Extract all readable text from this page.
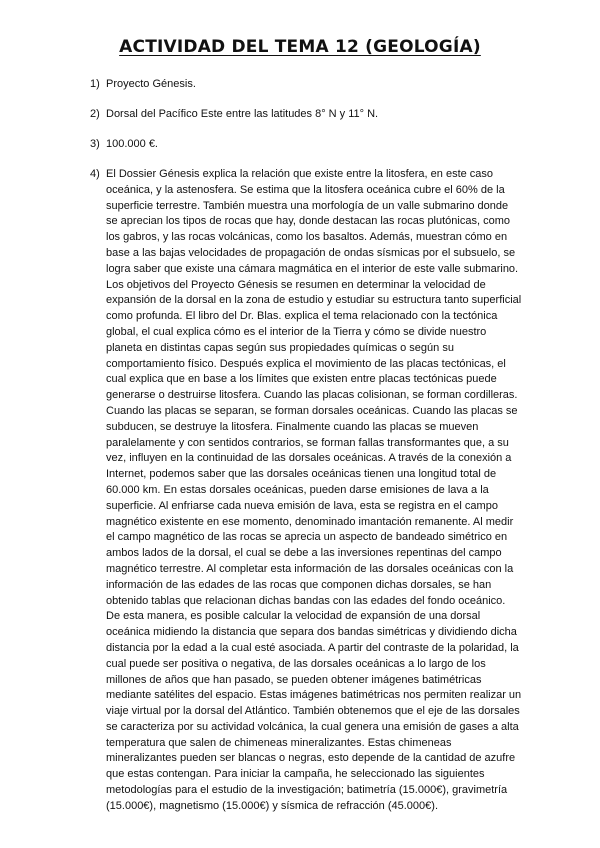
ACTIVIDAD DEL TEMA 12 (GEOLOGÍA)
1) Proyecto Génesis.
2) Dorsal del Pacífico Este entre las latitudes 8° N y 11° N.
3) 100.000 €.
4) El Dossier Génesis explica la relación que existe entre la litosfera, en este caso
oceánica, y la astenosfera. Se estima que la litosfera oceánica cubre el 60% de la
superficie terrestre. También muestra una morfología de un valle submarino donde
se aprecian los tipos de rocas que hay, donde destacan las rocas plutónicas, como
los gabros, y las rocas volcánicas, como los basaltos. Además, muestran cómo en
base a las bajas velocidades de propagación de ondas sísmicas por el subsuelo, se
logra saber que existe una cámara magmática en el interior de este valle submarino.
Los objetivos del Proyecto Génesis se resumen en determinar la velocidad de
expansión de la dorsal en la zona de estudio y estudiar su estructura tanto superficial
como profunda. El libro del Dr. Blas. explica el tema relacionado con la tectónica
global, el cual explica cómo es el interior de la Tierra y cómo se divide nuestro
planeta en distintas capas según sus propiedades químicas o según su
comportamiento físico. Después explica el movimiento de las placas tectónicas, el
cual explica que en base a los límites que existen entre placas tectónicas puede
generarse o destruirse litosfera. Cuando las placas colisionan, se forman cordilleras.
Cuando las placas se separan, se forman dorsales oceánicas. Cuando las placas se
subducen, se destruye la litosfera. Finalmente cuando las placas se mueven
paralelamente y con sentidos contrarios, se forman fallas transformantes que, a su
vez, influyen en la continuidad de las dorsales oceánicas. A través de la conexión a
Internet, podemos saber que las dorsales oceánicas tienen una longitud total de
60.000 km. En estas dorsales oceánicas, pueden darse emisiones de lava a la
superficie. Al enfriarse cada nueva emisión de lava, esta se registra en el campo
magnético existente en ese momento, denominado imantación remanente. Al medir
el campo magnético de las rocas se aprecia un aspecto de bandeado simétrico en
ambos lados de la dorsal, el cual se debe a las inversiones repentinas del campo
magnético terrestre. Al completar esta información de las dorsales oceánicas con la
información de las edades de las rocas que componen dichas dorsales, se han
obtenido tablas que relacionan dichas bandas con las edades del fondo oceánico.
De esta manera, es posible calcular la velocidad de expansión de una dorsal
oceánica midiendo la distancia que separa dos bandas simétricas y dividiendo dicha
distancia por la edad a la cual esté asociada. A partir del contraste de la polaridad, la
cual puede ser positiva o negativa, de las dorsales oceánicas a lo largo de los
millones de años que han pasado, se pueden obtener imágenes batimétricas
mediante satélites del espacio. Estas imágenes batimétricas nos permiten realizar un
viaje virtual por la dorsal del Atlántico. También obtenemos que el eje de las dorsales
se caracteriza por su actividad volcánica, la cual genera una emisión de gases a alta
temperatura que salen de chimeneas mineralizantes. Estas chimeneas
mineralizantes pueden ser blancas o negras, esto depende de la cantidad de azufre
que estas contengan. Para iniciar la campaña, he seleccionado las siguientes
metodologías para el estudio de la investigación; batimetría (15.000€), gravimetría
(15.000€), magnetismo (15.000€) y sísmica de refracción (45.000€).
